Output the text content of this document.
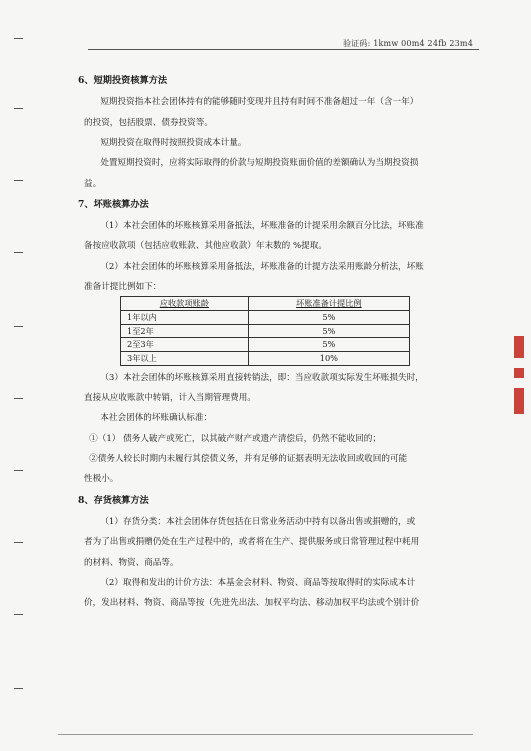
验证码: 1kmw 00m4 24fb 23m4
6、短期投资核算方法

短期投资指本社会团体持有的能够随时变现并且持有时间不准备超过一年（含一年）

的投资，包括股票、债券投资等。

短期投资在取得时按照投资成本计量。

处置短期投资时，应将实际取得的价款与短期投资账面价值的差额确认为当期投资损

益。

7、坏账核算办法

（1）本社会团体的坏账核算采用备抵法，坏账准备的计提采用余额百分比法，坏账准

备按应收款项（包括应收账款、其他应收款）年末数的 %提取。

（2）本社会团体的坏账核算采用备抵法，坏账准备的计提方法采用账龄分析法，坏账

准备计提比例如下：

应收款项账龄	坏账准备计提比例
1年以内	5%
1至2年	5%
2至3年	5%
3年以上	10%

（3）本社会团体的坏账核算采用直接转销法，即：当应收款项实际发生坏账损失时，

直接从应收账款中转销，计入当期管理费用。

本社会团体的坏账确认标准：

①（1） 债务人破产或死亡，以其破产财产或遗产清偿后，仍然不能收回的；

②债务人较长时期内未履行其偿债义务，并有足够的证据表明无法收回或收回的可能

性极小。

8、存货核算方法

（1）存货分类：本社会团体存货包括在日常业务活动中持有以备出售或捐赠的，或

者为了出售或捐赠仍处在生产过程中的，或者将在生产、提供服务或日常管理过程中耗用

的材料、物资、商品等。

（2）取得和发出的计价方法：本基金会材料、物资、商品等按取得时的实际成本计

价，发出材料、物资、商品等按（先进先出法、加权平均法、移动加权平均法或个别计价
